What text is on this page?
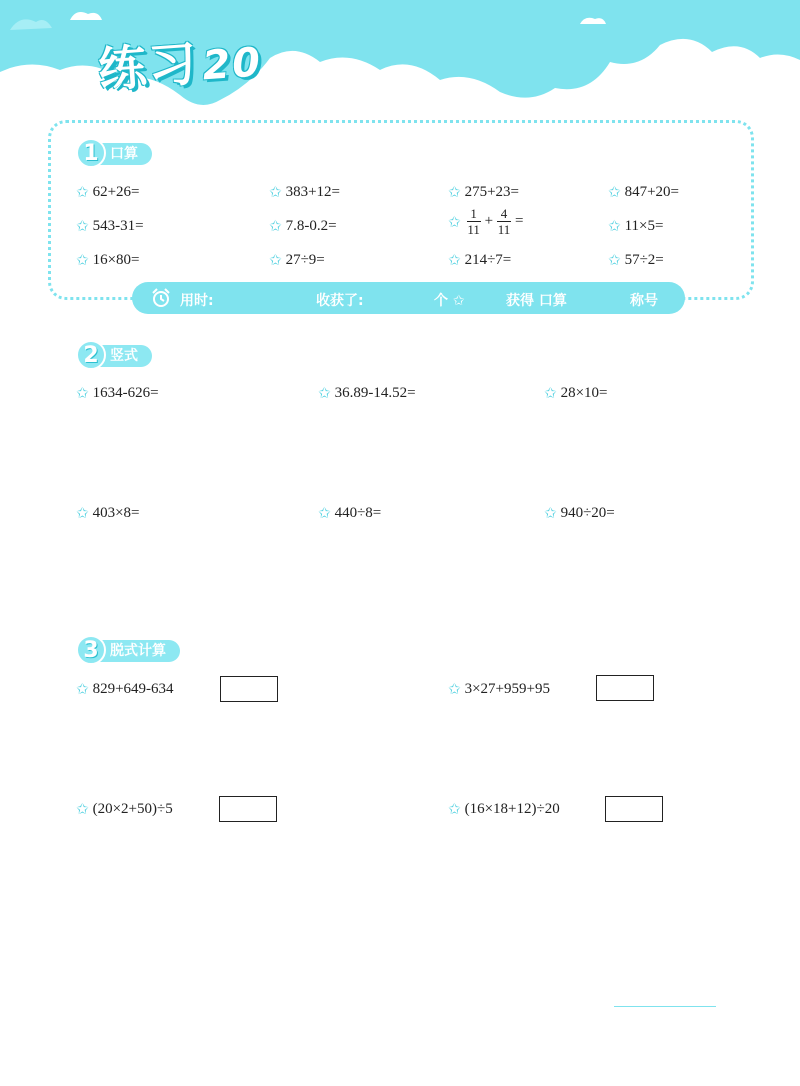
练习20
口算
1
✩ 62+26=	✩ 383+12=	✩ 275+23=	✩ 847+20=
✩ 543-31=	✩ 7.8-0.2=	✩ $\frac{1}{11} + \frac{4}{11}$ =	✩ 11×5=
✩ 16×80=	✩ 27÷9=	✩ 214÷7=	✩ 57÷2=
用时:	收获了:	个 ✩	获得 口算	称号
竖式
2
✩ 1634-626=	✩ 36.89-14.52=	✩ 28×10=
✩ 403×8=	✩ 440÷8=	✩ 940÷20=
脱式计算
3
✩ 829+649-634	✩ 3×27+959+95
✩ (20×2+50)÷5	✩ (16×18+12)÷20
